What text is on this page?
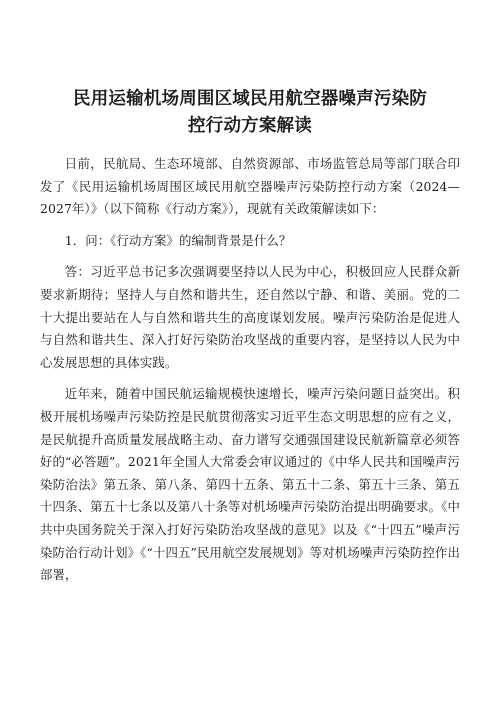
民用运输机场周围区域民用航空器噪声污染防
控行动方案解读

日前，民航局、生态环境部、自然资源部、市场监管总局等部门联合印发了《民用运输机场周围区域民用航空器噪声污染防控行动方案（2024—2027年）》（以下简称《行动方案》），现就有关政策解读如下：

1．问：《行动方案》的编制背景是什么？

答：习近平总书记多次强调要坚持以人民为中心，积极回应人民群众新要求新期待；坚持人与自然和谐共生，还自然以宁静、和谐、美丽。党的二十大提出要站在人与自然和谐共生的高度谋划发展。噪声污染防治是促进人与自然和谐共生、深入打好污染防治攻坚战的重要内容，是坚持以人民为中心发展思想的具体实践。

近年来，随着中国民航运输规模快速增长，噪声污染问题日益突出。积极开展机场噪声污染防控是民航贯彻落实习近平生态文明思想的应有之义，是民航提升高质量发展战略主动、奋力谱写交通强国建设民航新篇章必须答好的“必答题”。2021年全国人大常委会审议通过的《中华人民共和国噪声污染防治法》第五条、第八条、第四十五条、第五十二条、第五十三条、第五十四条、第五十七条以及第八十条等对机场噪声污染防治提出明确要求。《中共中央国务院关于深入打好污染防治攻坚战的意见》以及《“十四五”噪声污染防治行动计划》《“十四五”民用航空发展规划》等对机场噪声污染防控作出部署，
